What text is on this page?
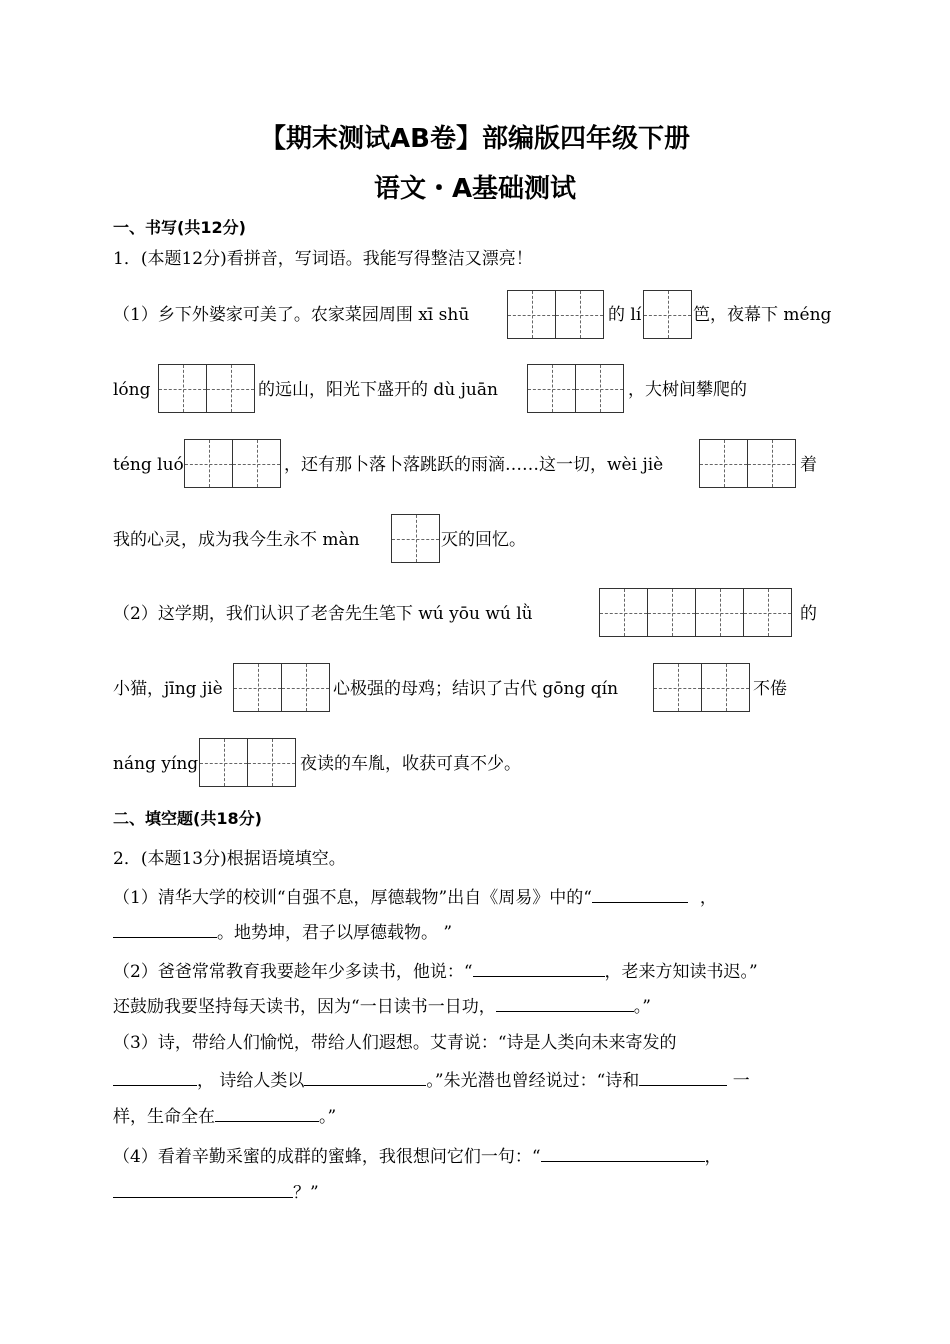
【期末测试AB卷】部编版四年级下册
语文・A基础测试
一、书写(共12分)
1．(本题12分)看拼音，写词语。我能写得整洁又漂亮！
（1）乡下外婆家可美了。农家菜园周围 xī shū	的 lí	笆，夜幕下 méng
lóng	的远山，阳光下盛开的 dù juān	，大树间攀爬的
téng luó	，还有那卜落卜落跳跃的雨滴……这一切，wèi jiè	着
我的心灵，成为我今生永不 màn	灭的回忆。
（2）这学期，我们认识了老舍先生笔下 wú yōu wú lǜ	的
小猫，jīng jiè	心极强的母鸡；结识了古代 gōng qín	不倦
náng yíng	夜读的车胤，收获可真不少。
二、填空题(共18分)
2．(本题13分)根据语境填空。
（1）清华大学的校训“自强不息，厚德载物”出自《周易》中的“	，
。地势坤，君子以厚德载物。 ”
（2）爸爸常常教育我要趁年少多读书，他说：“	，老来方知读书迟。”
还鼓励我要坚持每天读书，因为“一日读书一日功，	。”
（3）诗，带给人们愉悦，带给人们遐想。艾青说：“诗是人类向未来寄发的
， 诗给人类以	。”朱光潜也曾经说过：“诗和	一
样，生命全在	。”
（4）看着辛勤采蜜的成群的蜜蜂，我很想问它们一句：“	，
？”
